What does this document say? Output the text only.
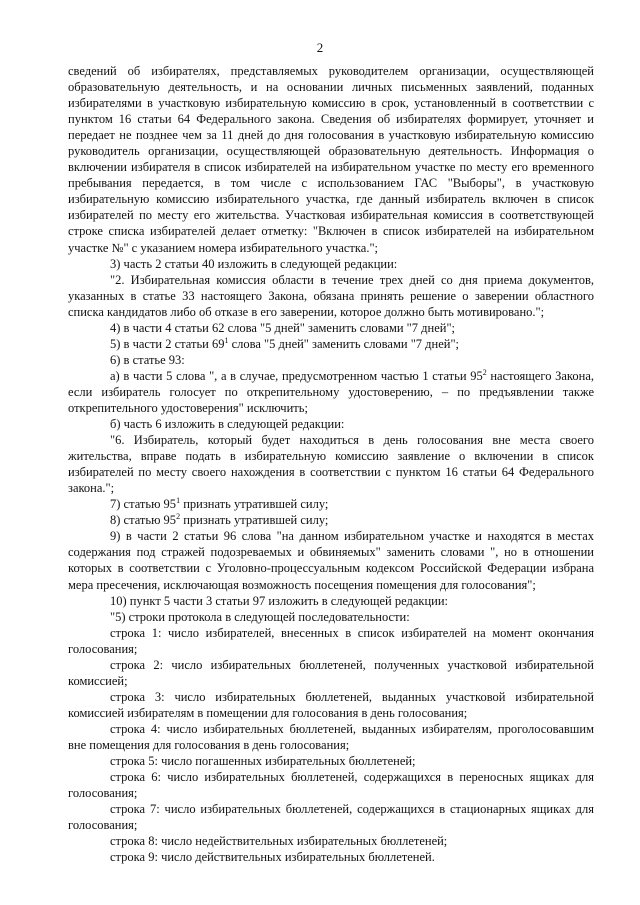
2

сведений об избирателях, представляемых руководителем организации, осуществляющей образовательную деятельность, и на основании личных письменных заявлений, поданных избирателями в участковую избирательную комиссию в срок, установленный в соответствии с пунктом 16 статьи 64 Федерального закона. Сведения об избирателях формирует, уточняет и передает не позднее чем за 11 дней до дня голосования в участковую избирательную комиссию руководитель организации, осуществляющей образовательную деятельность. Информация о включении избирателя в список избирателей на избирательном участке по месту его временного пребывания передается, в том числе с использованием ГАС "Выборы", в участковую избирательную комиссию избирательного участка, где данный избиратель включен в список избирателей по месту его жительства. Участковая избирательная комиссия в соответствующей строке списка избирателей делает отметку: "Включен в список избирателей на избирательном участке №" с указанием номера избирательного участка.";

3) часть 2 статьи 40 изложить в следующей редакции:

"2. Избирательная комиссия области в течение трех дней со дня приема документов, указанных в статье 33 настоящего Закона, обязана принять решение о заверении областного списка кандидатов либо об отказе в его заверении, которое должно быть мотивировано.";

4) в части 4 статьи 62 слова "5 дней" заменить словами "7 дней";

5) в части 2 статьи $69^1$ слова "5 дней" заменить словами "7 дней";

6) в статье 93:

а) в части 5 слова ", а в случае, предусмотренном частью 1 статьи $95^2$ настоящего Закона, если избиратель голосует по открепительному удостоверению, – по предъявлении также открепительного удостоверения" исключить;

б) часть 6 изложить в следующей редакции:

"6. Избиратель, который будет находиться в день голосования вне места своего жительства, вправе подать в избирательную комиссию заявление о включении в список избирателей по месту своего нахождения в соответствии с пунктом 16 статьи 64 Федерального закона.";

7) статью $95^1$ признать утратившей силу;

8) статью $95^2$ признать утратившей силу;

9) в части 2 статьи 96 слова "на данном избирательном участке и находятся в местах содержания под стражей подозреваемых и обвиняемых" заменить словами ", но в отношении которых в соответствии с Уголовно-процессуальным кодексом Российской Федерации избрана мера пресечения, исключающая возможность посещения помещения для голосования";

10) пункт 5 части 3 статьи 97 изложить в следующей редакции:

"5) строки протокола в следующей последовательности:

строка 1: число избирателей, внесенных в список избирателей на момент окончания голосования;

строка 2: число избирательных бюллетеней, полученных участковой избирательной комиссией;

строка 3: число избирательных бюллетеней, выданных участковой избирательной комиссией избирателям в помещении для голосования в день голосования;

строка 4: число избирательных бюллетеней, выданных избирателям, проголосовавшим вне помещения для голосования в день голосования;

строка 5: число погашенных избирательных бюллетеней;

строка 6: число избирательных бюллетеней, содержащихся в переносных ящиках для голосования;

строка 7: число избирательных бюллетеней, содержащихся в стационарных ящиках для голосования;

строка 8: число недействительных избирательных бюллетеней;

строка 9: число действительных избирательных бюллетеней.
